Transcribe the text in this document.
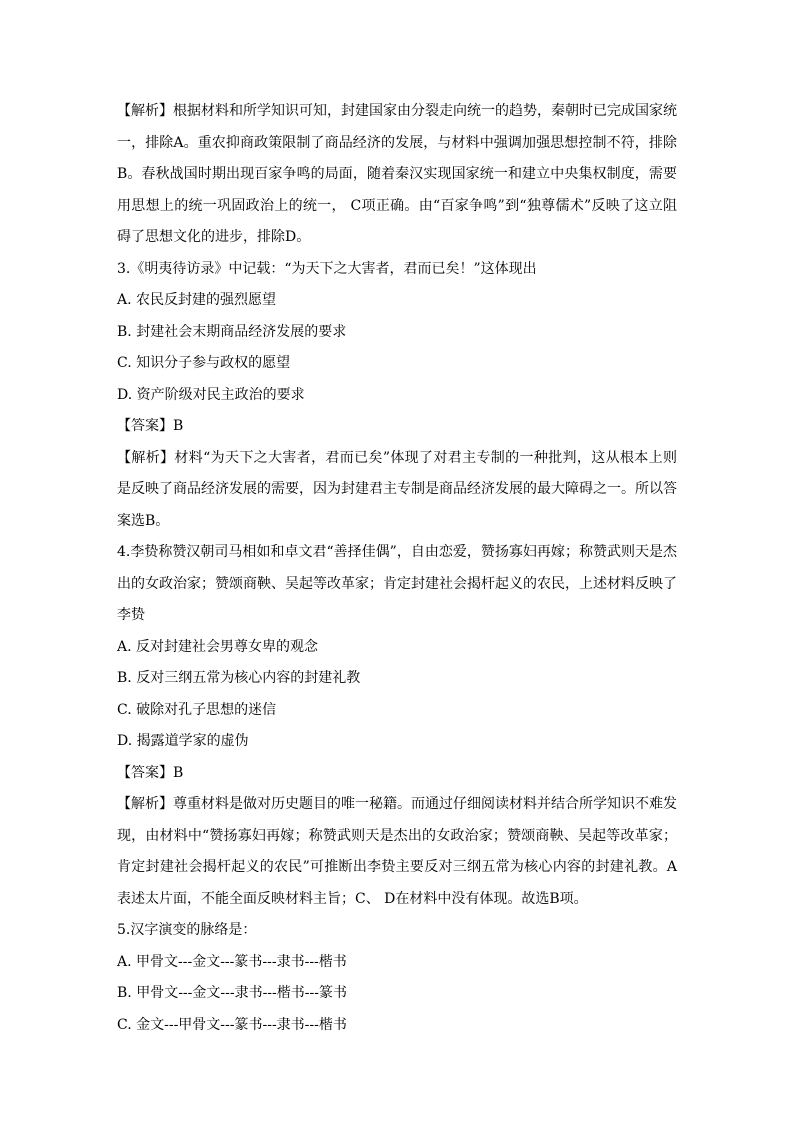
【解析】根据材料和所学知识可知，封建国家由分裂走向统一的趋势，秦朝时已完成国家统一，排除A。重农抑商政策限制了商品经济的发展，与材料中强调加强思想控制不符，排除B。春秋战国时期出现百家争鸣的局面，随着秦汉实现国家统一和建立中央集权制度，需要用思想上的统一巩固政治上的统一， C项正确。由“百家争鸣”到“独尊儒术”反映了这立阻碍了思想文化的进步，排除D。

3.《明夷待访录》中记载：“为天下之大害者，君而已矣！”这体现出

A. 农民反封建的强烈愿望

B. 封建社会末期商品经济发展的要求

C. 知识分子参与政权的愿望

D. 资产阶级对民主政治的要求

【答案】B

【解析】材料“为天下之大害者，君而已矣”体现了对君主专制的一种批判，这从根本上则是反映了商品经济发展的需要，因为封建君主专制是商品经济发展的最大障碍之一。所以答案选B。

4.李贽称赞汉朝司马相如和卓文君“善择佳偶”，自由恋爱，赞扬寡妇再嫁；称赞武则天是杰出的女政治家；赞颂商鞅、吴起等改革家；肯定封建社会揭杆起义的农民，上述材料反映了李贽

A. 反对封建社会男尊女卑的观念

B. 反对三纲五常为核心内容的封建礼教

C. 破除对孔子思想的迷信

D. 揭露道学家的虚伪

【答案】B

【解析】尊重材料是做对历史题目的唯一秘籍。而通过仔细阅读材料并结合所学知识不难发现，由材料中“赞扬寡妇再嫁；称赞武则天是杰出的女政治家；赞颂商鞅、吴起等改革家；肯定封建社会揭杆起义的农民”可推断出李贽主要反对三纲五常为核心内容的封建礼教。A表述太片面，不能全面反映材料主旨；C、 D在材料中没有体现。故选B项。

5.汉字演变的脉络是：

A. 甲骨文---金文---篆书---隶书---楷书

B. 甲骨文---金文---隶书---楷书---篆书

C. 金文---甲骨文---篆书---隶书---楷书
